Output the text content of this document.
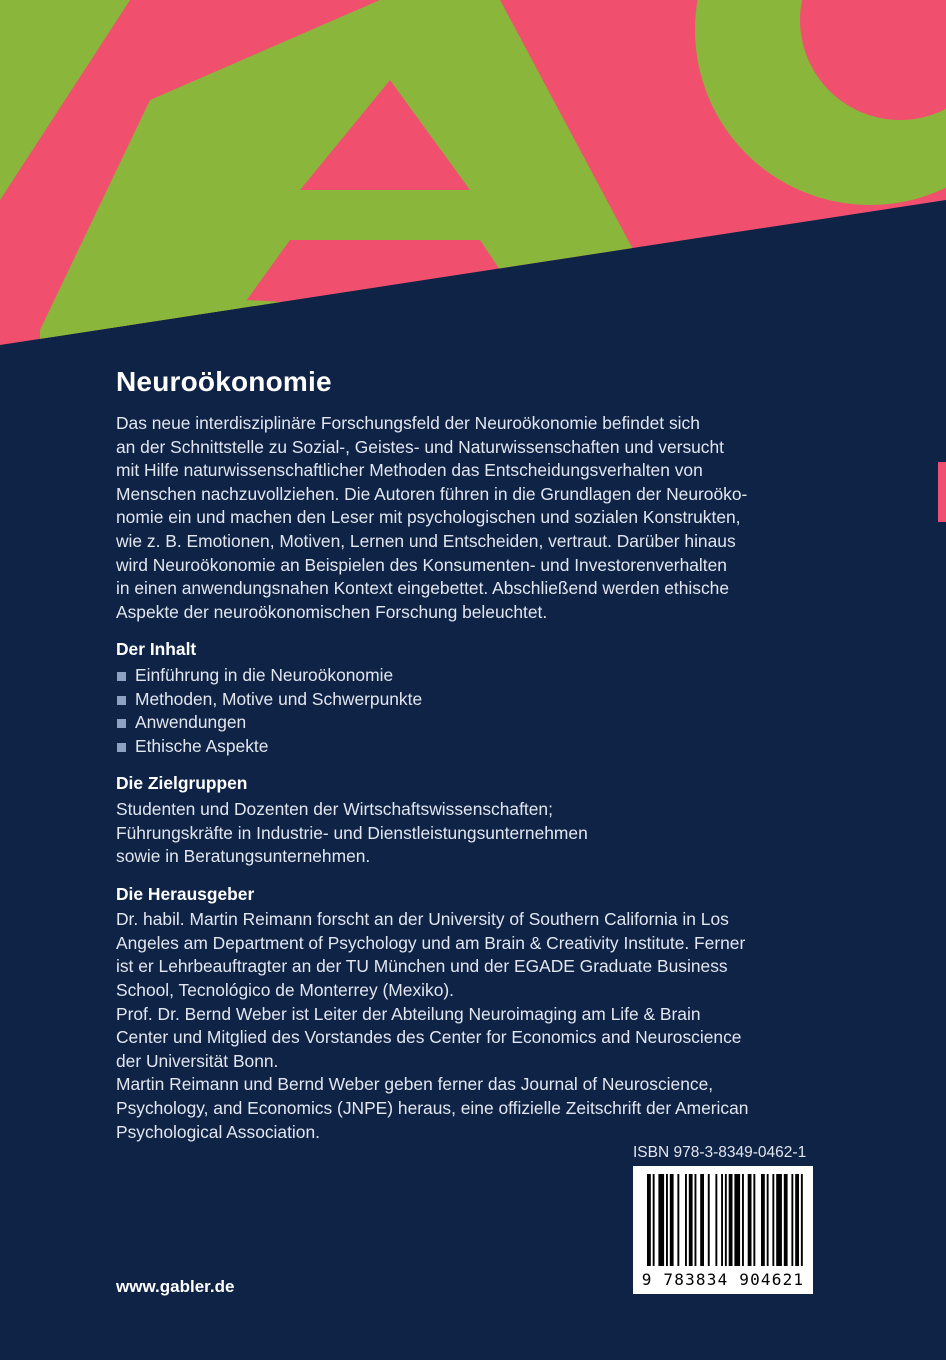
Neuroökonomie

Das neue interdisziplinäre Forschungsfeld der Neuroökonomie befindet sich
an der Schnittstelle zu Sozial-, Geistes- und Naturwissenschaften und versucht
mit Hilfe naturwissenschaftlicher Methoden das Entscheidungsverhalten von
Menschen nachzuvollziehen. Die Autoren führen in die Grundlagen der Neuroöko-
nomie ein und machen den Leser mit psychologischen und sozialen Konstrukten,
wie z. B. Emotionen, Motiven, Lernen und Entscheiden, vertraut. Darüber hinaus
wird Neuroökonomie an Beispielen des Konsumenten- und Investorenverhalten
in einen anwendungsnahen Kontext eingebettet. Abschließend werden ethische
Aspekte der neuroökonomischen Forschung beleuchtet.

Der Inhalt
Einführung in die Neuroökonomie
Methoden, Motive und Schwerpunkte
Anwendungen
Ethische Aspekte
Die Zielgruppen

Studenten und Dozenten der Wirtschaftswissenschaften;
Führungskräfte in Industrie- und Dienstleistungsunternehmen
sowie in Beratungsunternehmen.

Die Herausgeber

Dr. habil. Martin Reimann forscht an der University of Southern California in Los
Angeles am Department of Psychology und am Brain & Creativity Institute. Ferner
ist er Lehrbeauftragter an der TU München und der EGADE Graduate Business
School, Tecnológico de Monterrey (Mexiko).
Prof. Dr. Bernd Weber ist Leiter der Abteilung Neuroimaging am Life & Brain
Center und Mitglied des Vorstandes des Center for Economics and Neuroscience
der Universität Bonn.
Martin Reimann und Bernd Weber geben ferner das Journal of Neuroscience,
Psychology, and Economics (JNPE) heraus, eine offizielle Zeitschrift der American
Psychological Association.

ISBN 978-3-8349-0462-1
9 783834 904621
www.gabler.de
